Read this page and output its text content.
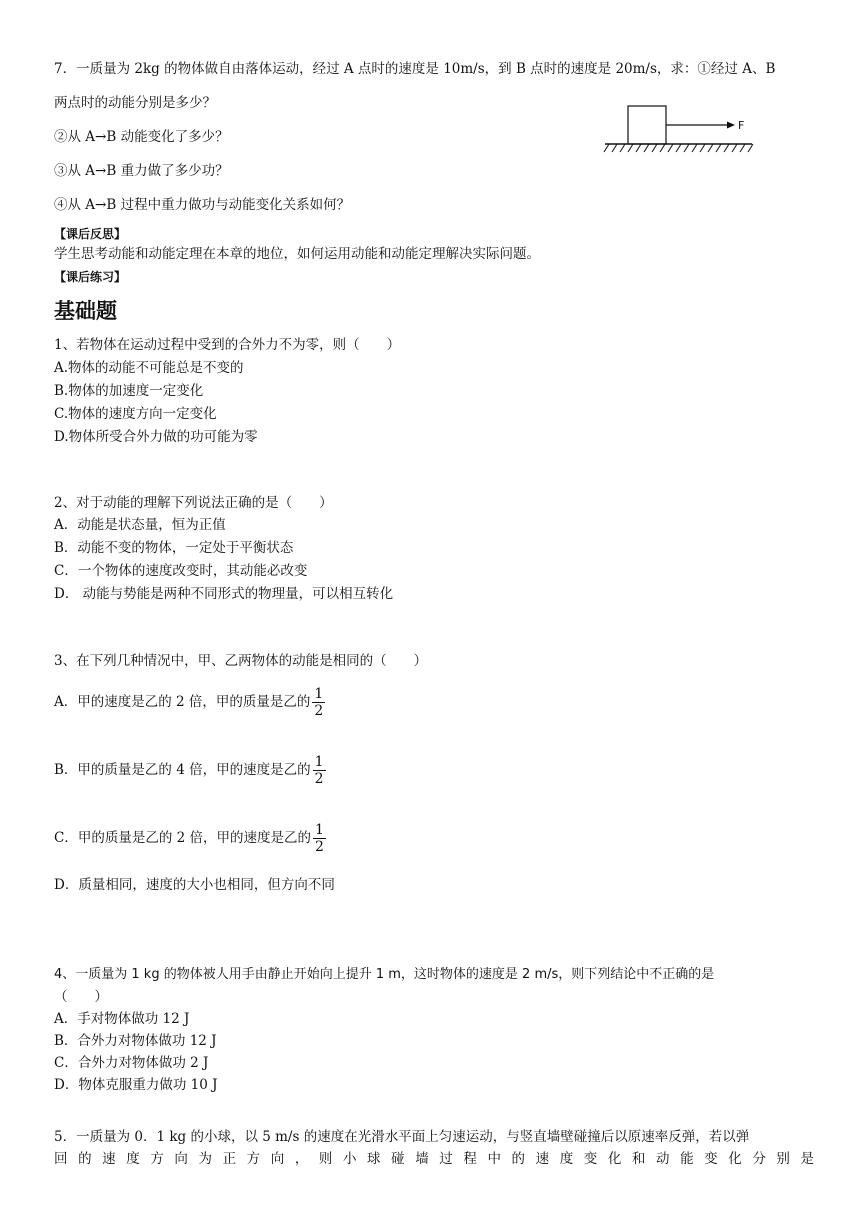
7．一质量为 2kg 的物体做自由落体运动，经过 A 点时的速度是 10m/s，到 B 点时的速度是 20m/s，求：①经过 A、B
两点时的动能分别是多少？
②从 A→B 动能变化了多少？
③从 A→B 重力做了多少功？
④从 A→B 过程中重力做功与动能变化关系如何？
F
【课后反思】
学生思考动能和动能定理在本章的地位，如何运用动能和动能定理解决实际问题。
【课后练习】
基础题
1、若物体在运动过程中受到的合外力不为零，则（　　）
A.物体的动能不可能总是不变的
B.物体的加速度一定变化
C.物体的速度方向一定变化
D.物体所受合外力做的功可能为零
2、对于动能的理解下列说法正确的是（　　）
A．动能是状态量，恒为正值
B．动能不变的物体，一定处于平衡状态
C．一个物体的速度改变时，其动能必改变
D． 动能与势能是两种不同形式的物理量，可以相互转化
3、在下列几种情况中，甲、乙两物体的动能是相同的（　　）
A．甲的速度是乙的 2 倍，甲的质量是乙的 $\frac{1}{2}$
B．甲的质量是乙的 4 倍，甲的速度是乙的 $\frac{1}{2}$
C．甲的质量是乙的 2 倍，甲的速度是乙的 $\frac{1}{2}$
D．质量相同，速度的大小也相同，但方向不同
4、一质量为 1 kg 的物体被人用手由静止开始向上提升 1 m，这时物体的速度是 2 m/s，则下列结论中不正确的是
（　　）
A．手对物体做功 12 J
B．合外力对物体做功 12 J
C．合外力对物体做功 2 J
D．物体克服重力做功 10 J
5．一质量为 0．1 kg 的小球，以 5 m/s 的速度在光滑水平面上匀速运动，与竖直墙壁碰撞后以原速率反弹，若以弹
回的速度方向为正方向，则小球碰墙过程中的速度变化和动能变化分别是
